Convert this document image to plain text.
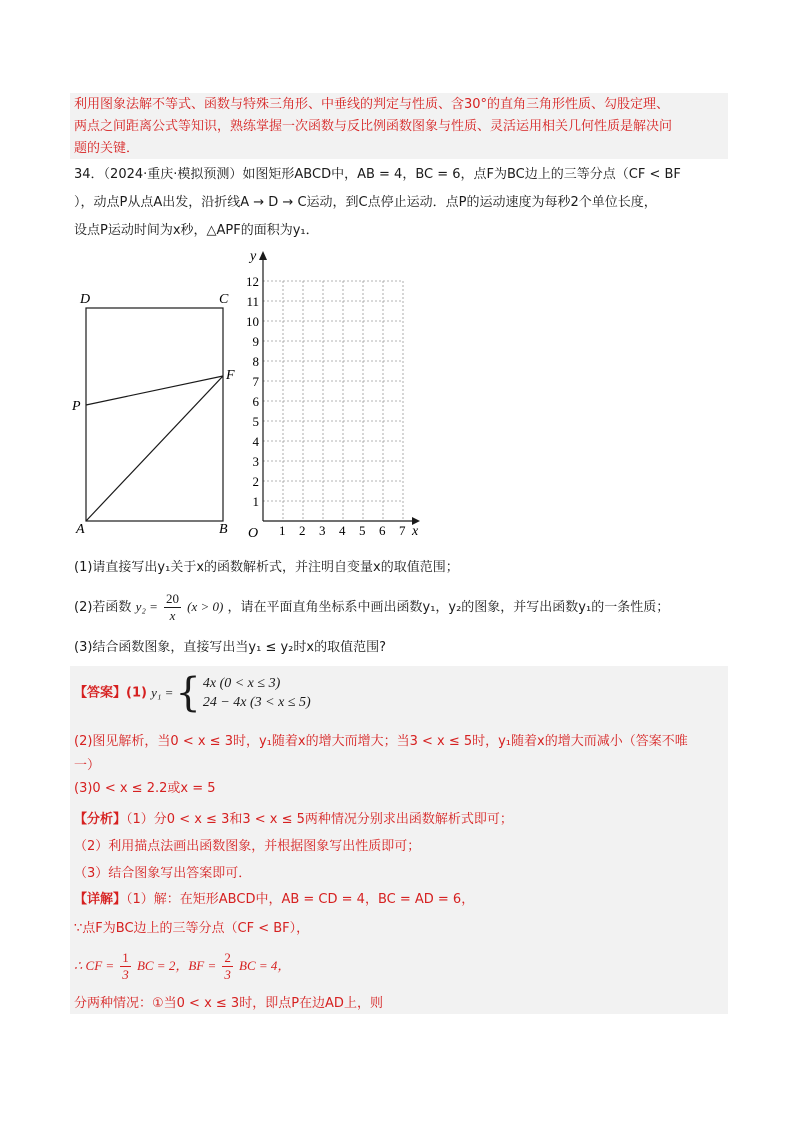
利用图象法解不等式、函数与特殊三角形、中垂线的判定与性质、含30°的直角三角形性质、勾股定理、
两点之间距离公式等知识，熟练掌握一次函数与反比例函数图象与性质、灵活运用相关几何性质是解决问
题的关键．
34．（2024·重庆·模拟预测）如图矩形ABCD中，AB = 4，BC = 6，点F为BC边上的三等分点（CF < BF
），动点P从点A出发，沿折线A → D → C运动，到C点停止运动．点P的运动速度为每秒2个单位长度，
设点P运动时间为x秒，△APF的面积为y₁．
D	C
P
F
A	B	x
y
O 1 2 3 4 5 6 7
1
2
3
4
5
6
7
8
9
10
11
12
(1)请直接写出y₁关于x的函数解析式，并注明自变量x的取值范围；
(2)若函数 $y_2 = \frac{20}{x} (x > 0)$ ，请在平面直角坐标系中画出函数y₁，y₂的图象，并写出函数y₁的一条性质；
(3)结合函数图象，直接写出当y₁ ≤ y₂时x的取值范围?
【答案】(1) y₁ = { 4x (0 < x ≤ 3)
24 − 4x (3 < x ≤ 5)
(2)图见解析，当0 < x ≤ 3时，y₁随着x的增大而增大；当3 < x ≤ 5时，y₁随着x的增大而减小（答案不唯
一）
(3)0 < x ≤ 2.2或x = 5
【分析】（1）分0 < x ≤ 3和3 < x ≤ 5两种情况分别求出函数解析式即可；
（2）利用描点法画出函数图象，并根据图象写出性质即可；
（3）结合图象写出答案即可．
【详解】（1）解：在矩形ABCD中，AB = CD = 4，BC = AD = 6，
∵点F为BC边上的三等分点（CF < BF），
∴ CF = $\frac{1}{3}$ BC = 2，BF = $\frac{2}{3}$ BC = 4，
分两种情况：①当0 < x ≤ 3时，即点P在边AD上，则
